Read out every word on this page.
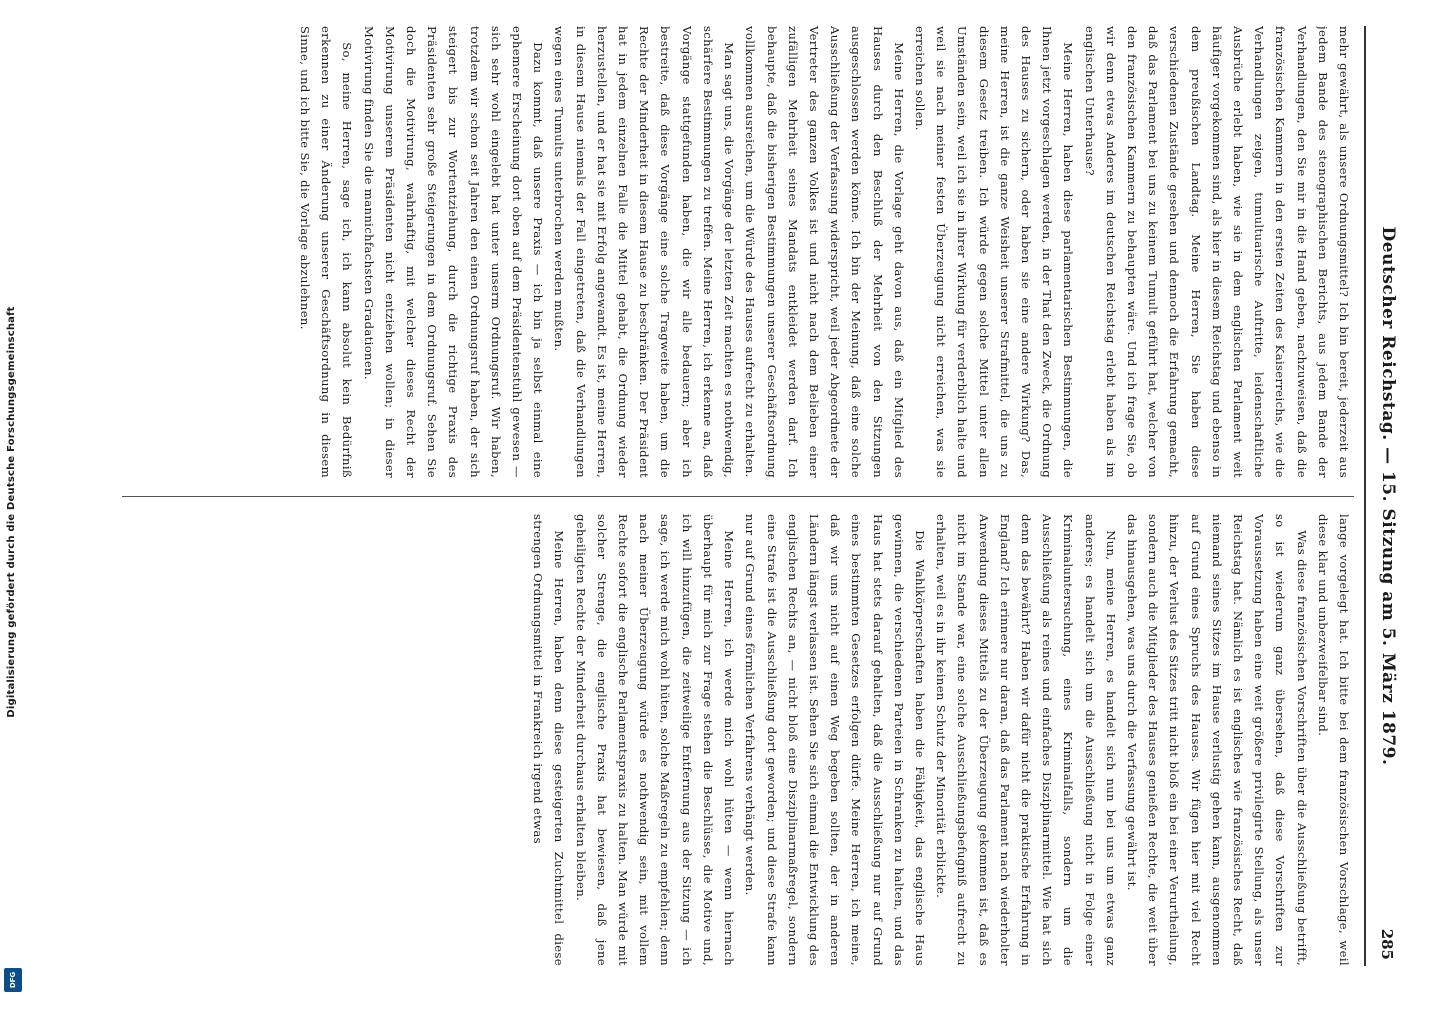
Digitalisierung gefördert durch die Deutsche Forschungsgemeinschaft
DFG
Deutscher Reichstag. — 15. Sitzung am 5. März 1879.
285

mehr gewährt, als unsere Ordnungsmittel? Ich bin bereit, jederzeit aus jedem Bande des stenographischen Berichts, aus jedem Bande der Verhandlungen, den Sie mir in die Hand geben, nachzuweisen, daß die französischen Kammern in den ersten Zeiten des Kaiserreichs, wie die Verhandlungen zeigen, tumultuarische Auftritte, leidenschaftliche Ausbrüche erlebt haben, wie sie in dem englischen Parlament weit häufiger vorgekommen sind, als hier in diesem Reichstag und ebenso in dem preußischen Landtag. Meine Herren, Sie haben diese verschiedenen Zustände gesehen und dennoch die Erfahrung gemacht, daß das Parlament bei uns zu keinem Tumult geführt hat, welcher von den französischen Kammern zu behaupten wäre. Und ich frage Sie, ob wir denn etwas Anderes im deutschen Reichstag erlebt haben als im englischen Unterhause?

Meine Herren, haben diese parlamentarischen Bestimmungen, die Ihnen jetzt vorgeschlagen werden, in der That den Zweck, die Ordnung des Hauses zu sichern, oder haben sie eine andere Wirkung? Das, meine Herren, ist die ganze Weisheit unserer Strafmittel, die uns zu diesem Gesetz treiben. Ich würde gegen solche Mittel unter allen Umständen sein, weil ich sie in ihrer Wirkung für verderblich halte und weil sie nach meiner festen Überzeugung nicht erreichen, was sie erreichen sollen.

Meine Herren, die Vorlage geht davon aus, daß ein Mitglied des Hauses durch den Beschluß der Mehrheit von den Sitzungen ausgeschlossen werden könne. Ich bin der Meinung, daß eine solche Ausschließung der Verfassung widerspricht, weil jeder Abgeordnete der Vertreter des ganzen Volkes ist und nicht nach dem Belieben einer zufälligen Mehrheit seines Mandats entkleidet werden darf. Ich behaupte, daß die bisherigen Bestimmungen unserer Geschäftsordnung vollkommen ausreichen, um die Würde des Hauses aufrecht zu erhalten.

Man sagt uns, die Vorgänge der letzten Zeit machten es nothwendig, schärfere Bestimmungen zu treffen. Meine Herren, ich erkenne an, daß Vorgänge stattgefunden haben, die wir alle bedauern; aber ich bestreite, daß diese Vorgänge eine solche Tragweite haben, um die Rechte der Minderheit in diesem Hause zu beschränken. Der Präsident hat in jedem einzelnen Falle die Mittel gehabt, die Ordnung wieder herzustellen, und er hat sie mit Erfolg angewandt. Es ist, meine Herren, in diesem Hause niemals der Fall eingetreten, daß die Verhandlungen wegen eines Tumults unterbrochen werden mußten.

Dazu kommt, daß unsere Praxis — ich bin ja selbst einmal eine ephemere Erscheinung dort oben auf dem Präsidentenstuhl gewesen — sich sehr wohl eingelebt hat unter unserm Ordnungsruf. Wir haben, trotzdem wir schon seit Jahren den einen Ordnungsruf haben, der sich steigert bis zur Wortentziehung, durch die richtige Praxis des Präsidenten sehr große Steigerungen in dem Ordnungsruf. Sehen Sie doch die Motivirung, wahrhaftig, mit welcher dieses Recht der Motivirung unserem Präsidenten nicht entziehen wollen; in dieser Motivirung finden Sie die mannichfachsten Gradationen.

So, meine Herren, sage ich, ich kann absolut kein Bedürfniß erkennen zu einer Änderung unserer Geschäftsordnung in diesem Sinne, und ich bitte Sie, die Vorlage abzulehnen.

lange vorgelegt hat. Ich bitte bei dem französischen Vorschlage, weil diese klar und unbezweifelbar sind.

Was diese französischen Vorschriften über die Ausschließung betrifft, so ist wiederum ganz übersehen, daß diese Vorschriften zur Voraussetzung haben eine weit größere privilegirte Stellung, als unser Reichstag hat. Nämlich es ist englisches wie französisches Recht, daß niemand seines Sitzes im Hause verlustig gehen kann, ausgenommen auf Grund eines Spruchs des Hauses. Wir fügen hier mit viel Recht hinzu, der Verlust des Sitzes tritt nicht bloß ein bei einer Verurtheilung, sondern auch die Mitglieder des Hauses genießen Rechte, die weit über das hinausgehen, was uns durch die Verfassung gewährt ist.

Nun, meine Herren, es handelt sich nun bei uns um etwas ganz anderes; es handelt sich um die Ausschließung nicht in Folge einer Kriminaluntersuchung, eines Kriminalfalls, sondern um die Ausschließung als reines und einfaches Disziplinarmittel. Wie hat sich denn das bewährt? Haben wir dafür nicht die praktische Erfahrung in England? Ich erinnere nur daran, daß das Parlament nach wiederholter Anwendung dieses Mittels zu der Überzeugung gekommen ist, daß es nicht im Stande war, eine solche Ausschließungsbefugniß aufrecht zu erhalten, weil es in ihr keinen Schutz der Minorität erblickte.

Die Wahlkörperschaften haben die Fähigkeit, das englische Haus gewinnen, die verschiedenen Parteien in Schranken zu halten, und das Haus hat stets darauf gehalten, daß die Ausschließung nur auf Grund eines bestimmten Gesetzes erfolgen dürfe. Meine Herren, ich meine, daß wir uns nicht auf einen Weg begeben sollten, der in anderen Ländern längst verlassen ist. Sehen Sie sich einmal die Entwicklung des englischen Rechts an, — nicht bloß eine Disziplinarmaßregel, sondern eine Strafe ist die Ausschließung dort geworden; und diese Strafe kann nur auf Grund eines förmlichen Verfahrens verhängt werden.

Meine Herren, ich werde mich wohl hüten — wenn hiernach überhaupt für mich zur Frage stehen die Beschlüsse, die Motive und, ich will hinzufügen, die zeitweilige Entfernung aus der Sitzung — ich sage, ich werde mich wohl hüten, solche Maßregeln zu empfehlen; denn nach meiner Überzeugung würde es nothwendig sein, mit vollem Rechte sofort die englische Parlamentspraxis zu halten. Man würde mit solcher Strenge, die englische Praxis hat bewiesen, daß jene geheiligten Rechte der Minderheit durchaus erhalten bleiben.

Meine Herren, haben denn diese gesteigerten Zuchtmittel diese strengen Ordnungsmittel in Frankreich irgend etwas
